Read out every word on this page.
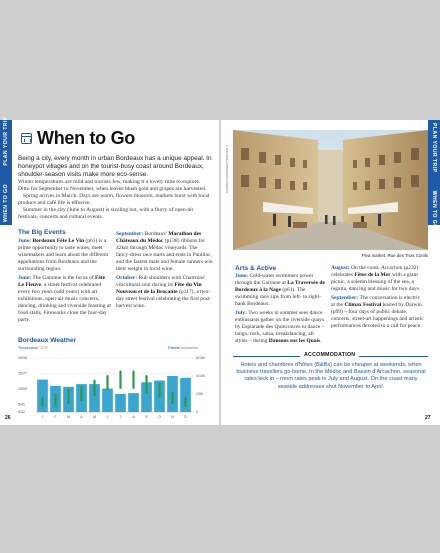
WHEN TO GO          PLAN YOUR TRIP	PLAN YOUR TRIP          WHEN TO GO
When to Go
Being a city, every month in urban Bordeaux has a unique appeal. In honeypot villages and on the tourist-busy coast around Bordeaux, shoulder-season visits make more eco-sense.

Winter temperatures are mild and tourists few, making it a lovely time to explore. Ditto for September to November, when leaves blush gold and grapes are harvested.

Spring arrives in March. Days are warm, flowers blossom, markets burst with local produce and café life is effusive.

Summer in the city (June to August) is sizzling hot, with a flurry of open-air festivals, concerts and cultural events.

The Big Events

June: Bordeaux Fête Le Vin (p61) is a prime opportunity to taste wines, meet winemakers and learn about the different appellations from Bordeaux and the surrounding region.

June: The Garonne is the focus of Fête Le Fleuve, a street festival celebrated every two years (odd years) with art exhibitions, open-air music concerts, dancing, drinking and riverside feasting at food stalls. Fireworks close the four-day party.

September: Bordeaux' Marathon des Châteaux du Médoc (p138) ribbons for 42km through Médoc vineyards. The fancy-dress race starts and ends in Pauillac, and the fastest male and female runners win their weight in local wine.

October: Rub shoulders with Chartrons' viticultural soul during its Fête du Vin Nouveau et de la Brocante (p117), a two-day street festival celebrating the first post-harvest wine.

Bordeaux Weather
Temperature °C/°F	Rainfall inches/mm
35/95
25/77
15/59
5/41
0/32
6/150
4/100
2/50
0
J	F	M	A	M	J	J	A	S	O	N	D
26
GUSTAVO FRAZAO/SHUTTERSTOCK ©
Flea market, Rue des Trois Conils
Arts & Active

June: Cold-water swimmers power through the Garonne at La Traversée de Bordeaux à la Nage (p61). The swimming race zips from left- to right-bank Bordeaux.

July: Two weeks in summer sees dance enthusiasts gather on the riverside quays by Esplanade des Quinconces to dance – tango, rock, salsa, breakdancing, all styles – during Dansons sur les Quais.

August: On the coast, Arcachon (p232) celebrates Fêtes de la Mer with a giant picnic, a solemn blessing of the sea, a regatta, dancing and music for two days.

September: The conversation is electric at the Climax Festival hosted by Darwin (p99) – four days of public debate, concerts, street-art happenings and artistic performances devoted to a call for peace.

ACCOMMODATION
Hotels and chambres d'hôtes (B&Bs) can be cheaper at weekends, when business travellers go home. In the Médoc and Bassin d'Arcachon, seasonal rates kick in – room rates peak in July and August. On the coast many seaside addresses shut November to April.
27
